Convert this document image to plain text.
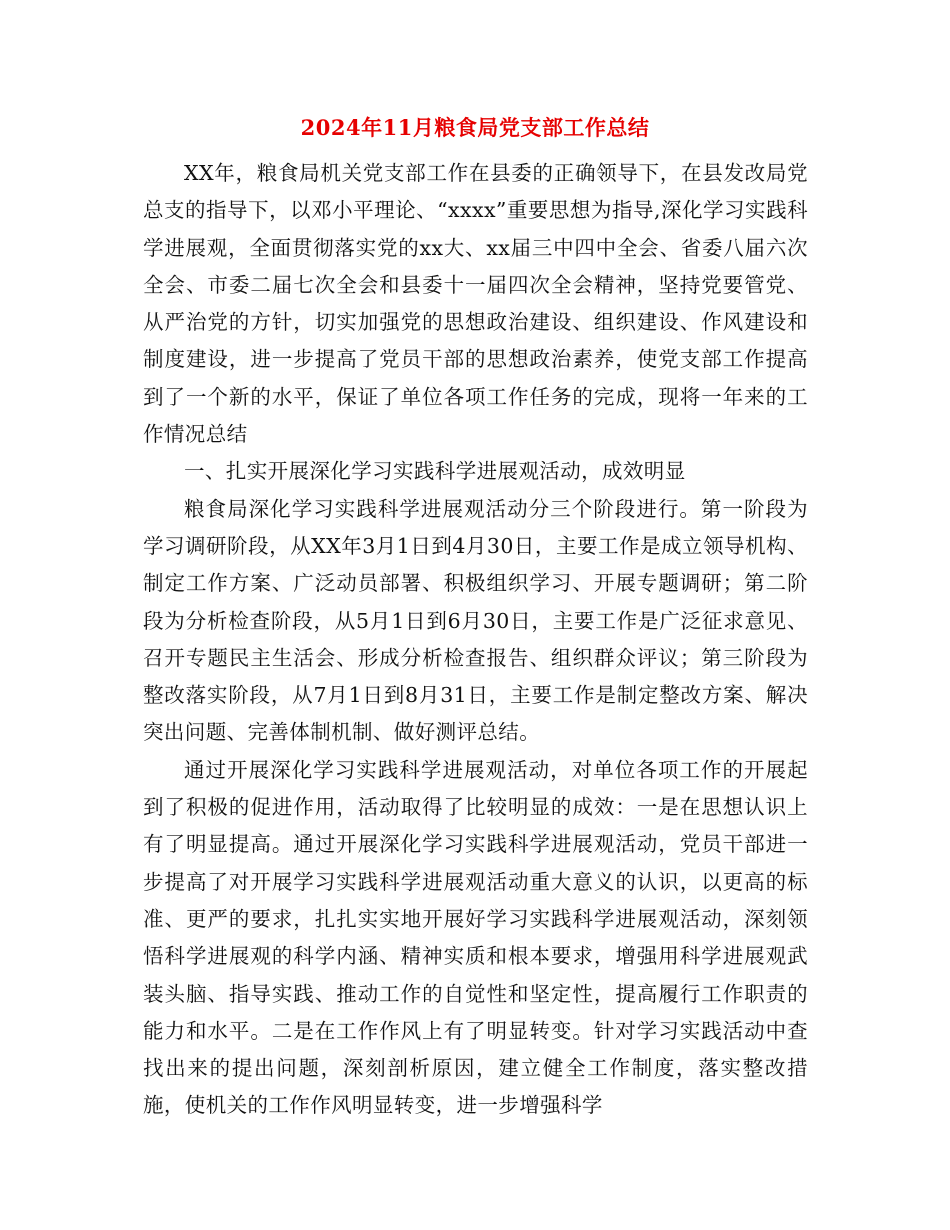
2024年11月粮食局党支部工作总结

XX年，粮食局机关党支部工作在县委的正确领导下，在县发改局党总支的指导下，以邓小平理论、“xxxx”重要思想为指导,深化学习实践科学进展观，全面贯彻落实党的xx大、xx届三中四中全会、省委八届六次全会、市委二届七次全会和县委十一届四次全会精神，坚持党要管党、从严治党的方针，切实加强党的思想政治建设、组织建设、作风建设和制度建设，进一步提高了党员干部的思想政治素养，使党支部工作提高到了一个新的水平，保证了单位各项工作任务的完成，现将一年来的工作情况总结

一、扎实开展深化学习实践科学进展观活动，成效明显

粮食局深化学习实践科学进展观活动分三个阶段进行。第一阶段为学习调研阶段，从XX年3月1日到4月30日，主要工作是成立领导机构、制定工作方案、广泛动员部署、积极组织学习、开展专题调研；第二阶段为分析检查阶段，从5月1日到6月30日，主要工作是广泛征求意见、召开专题民主生活会、形成分析检查报告、组织群众评议；第三阶段为整改落实阶段，从7月1日到8月31日，主要工作是制定整改方案、解决突出问题、完善体制机制、做好测评总结。

通过开展深化学习实践科学进展观活动，对单位各项工作的开展起到了积极的促进作用，活动取得了比较明显的成效：一是在思想认识上有了明显提高。通过开展深化学习实践科学进展观活动，党员干部进一步提高了对开展学习实践科学进展观活动重大意义的认识，以更高的标准、更严的要求，扎扎实实地开展好学习实践科学进展观活动，深刻领悟科学进展观的科学内涵、精神实质和根本要求，增强用科学进展观武装头脑、指导实践、推动工作的自觉性和坚定性，提高履行工作职责的能力和水平。二是在工作作风上有了明显转变。针对学习实践活动中查找出来的提出问题，深刻剖析原因，建立健全工作制度，落实整改措施，使机关的工作作风明显转变，进一步增强科学
